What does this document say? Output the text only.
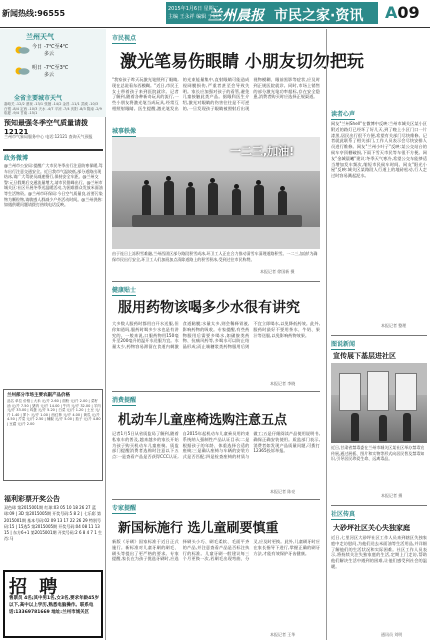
新闻热线:96555	2015年1月6日 星期二
主编 王永祥 编辑 于冠兰
兰州晨报 市民之家·资讯 A09
兰州天气
今日 -7℃至4℃
多云
明日 -7℃至3℃
多云
全省主要城市天气
嘉峪关 -12/2 酒泉 -13/1 张掖 -14/2 金昌 -11/1 武威 -10/3 白银 -8/4 定西 -10/3 天水 -4/7 平凉 -7/4 庆阳 -8/3 陇南 -2/9 临夏 -9/4 甘南 -15/1
预知最强冬季空气质量请拨12121
兰州市气象局服务中心 电话:12121 查询天气预报
政务微博
@兰州市公安局:提醒广大市民冬季出行注意防寒保暖,驾车出行注意交通安全。近日我市气温较低,部分道路出现结冰,请广大驾驶员减速慢行,保持安全车距。@兰州交警:元旦假期后交通流量增大,请市民错峰出行。@兰州市城关区:社区开展冬季送温暖活动,为困难群众发放米面油等生活物资。@兰州市环保局:今日空气质量良,首要污染物为颗粒物,请敏感人群减少户外活动时间。@兰州供热:如遇供暖问题请拨打热线电话反映。
兰州部分市场主要农副产品价格
品名 单位 价格 | 大米 元/斤 2.60 | 面粉 元/斤 2.00 | 菜籽油 元/斤 7.50 | 猪肉 元/斤 14.00 | 牛肉 元/斤 32.00 | 羊肉 元/斤 33.00 | 鸡蛋 元/斤 5.20 | 白菜 元/斤 1.20 | 土豆 元/斤 1.40 | 萝卜 元/斤 1.00 | 西红柿 元/斤 4.00 | 黄瓜 元/斤 4.50 | 芹菜 元/斤 2.50 | 辣椒 元/斤 5.00 | 茄子 元/斤 4.80 | 豆腐 元/斤 2.00
福利彩票开奖公告
双色球 第2015001期 红球:03 05 10 18 26 27 蓝球:09 | 3D 第2015005期 开奖号码:5 8 2 | 七乐彩 第2015001期 基本号码:02 09 13 17 22 26 29 特别号码:15 | 15选5 第2015005期 开奖号码:04 08 11 13 15 | 东方6+1 第2015001期 开奖号码:2 6 8 4 7 1 生肖:马
招 聘
售票员 4名;其中男1名,女3名,要求年龄45岁以下,高中以上学历,熟悉电脑操作。联系电话:13369781669 地址:兰州市城关区
市民视点
激光笔易伤眼睛 小朋友切勿把玩
"我家孩子昨天玩激光笔照到了眼睛,现在总说看东西模糊。"近日,市民王女士带着孩子来到医院就诊。记者了解到,随着各种新奇玩具的流行,一些小朋友将激光笔当成玩具,经常互相照射眼睛。医生提醒,激光笔发出的光束能量集中,直射眼睛可能造成视网膜损伤,严重者甚至会导致失明。家长应加强对孩子的看管,避免儿童接触此类产品。据眼科医生介绍,激光对眼睛的伤害往往是不可逆的,一旦发现孩子眼睛被照射后出现视物模糊、眼前黑影等症状,应及时到正规医院就诊。同时,市场上销售的部分激光笔功率超标,存在安全隐患,消费者购买时应选择正规渠道。
城事轶像
一二三,加油!
由于连日上冻积雪难融,兰州西固区部分路段积雪成冰,环卫工人正在合力推动清雪车清理道路积雪。一二三,加油!为确保市民出行安全,环卫工人们加班加点清除道路上的积雪积冰,受到过往市民称赞。
本报记者 徐国新 摄
健康贴士
服用药物该喝多少水很有讲究
大多数人服药时都用白开水送服,但你知道吗,服药时喝多少水也是有讲究的。一般来说,口服药物用150毫升至200毫升的温开水送服为宜。水量太少,药物容易滞留在食道内刺激食道黏膜;水量太多,则会稀释胃液,影响药物的吸收。专家提醒,有些药物服用后需要多喝水,如磺胺类药物、抗痛风药等,多喝水可以防止结晶形成;而止咳糖浆类药物服用后则不宜立即喝水,以免降低药效。此外,服药时最好不要用茶水、牛奶、果汁等送服,以免影响药物效果。
本报记者 李晓
消费提醒
机动车儿童座椅选购注意五点
记者1月5日从省质监局了解到,随着私家车的普及,越来越多的家长开始为孩子购买机动车儿童座椅。质监部门提醒消费者选购时注意以下五点:一是查看产品是否获得CCC认证,自2015年起机动车儿童乘员用约束系统纳入强制性产品认证目录;二是根据孩子的年龄、体重选择合适的座椅;三是确认座椅与车辆的安装方式是否匹配;四是检查座椅的材质与做工;五是仔细阅读产品使用说明书,确保正确安装使用。质监部门表示,消费者如发现产品质量问题,可拨打12365投诉举报。
本报记者 陈亮
专家提醒
新国标施行 选儿童刷要慎重
新版《牙刷》国家标准于近日正式施行。新标准对儿童牙刷的刷毛、刷头等提出了更严格的要求。专家提醒,家长在为孩子挑选牙刷时,应选择刷头小巧、刷毛柔软、毛面平齐的产品,并注意查看产品是否标注执行的标准。儿童牙刷一般建议每三个月更换一次,若刷毛出现弯曲、分叉,应及时更换。此外,儿童刷牙时应在家长指导下进行,掌握正确的刷牙方法,才能有效保护牙齿健康。
本报记者 王华
读者心声
网友"兰州Shell"在微博中反映:兰州市城关区某小区附近的路灯已经坏了好几天,到了晚上小区门口一片漆黑,居民出行很不方便,希望有关部门尽快维修。记者就此联系了相关部门,工作人员表示会尽快安排人员进行维修。网友"兰州小叶子"反映:某公交站台的候车亭顶棚破损,下雨下雪天市民等车很不方便。网友"金城晨曦"建议:冬季天气寒冷,希望公交车能够适当增加发车频次,缩短市民候车时间。网友"阳光小屋"反映:城关区某路段人行道上的地砖松动,行人走过时容易溅起泥水。
本报记者 整理
图说新闻
宣传展下基层进社区
近日,甘肃省禁毒委在兰州市城关区某社区举办禁毒宣传展,通过展板、图片和实物等形式向居民普及禁毒知识,引导居民珍爱生命、远离毒品。
本报记者 摄
社区传真
大砂坪社区关心失独家庭
近日,七里河区大砂坪社区工作人员来到辖区失独家庭中走访慰问,为他们送去米面油等生活用品,并详细了解他们的生活状况和实际困难。社区工作人员表示,将持续关注失独家庭的生活,定期上门走访,帮助他们解决生活中遇到的困难,让他们感受到社会的温暖。
通讯员 刘明
